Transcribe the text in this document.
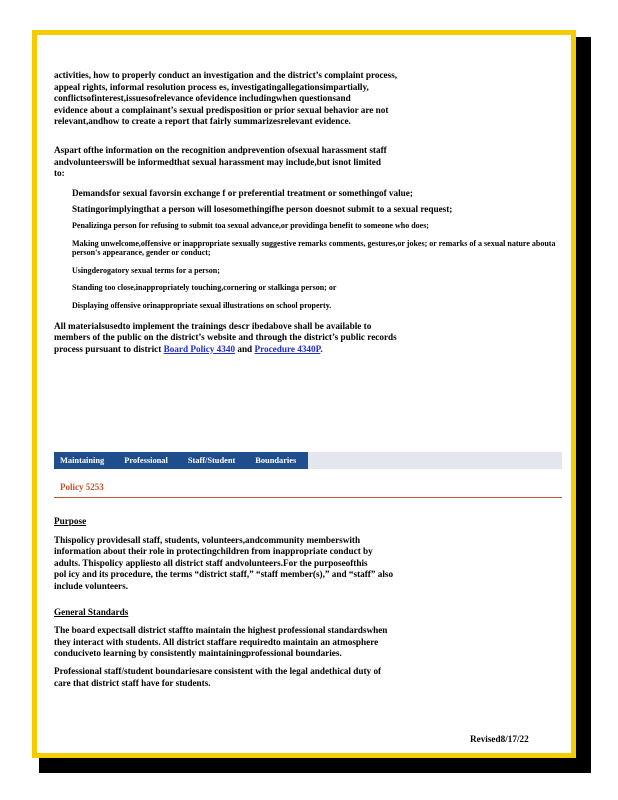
activities, how to properly conduct an investigation and the district’s complaint process,
appeal rights, informal resolution process es, investigatingallegationsimpartially,
conflictsofinterest,issuesofrelevance ofevidence includingwhen questionsand
evidence about a complainant’s sexual predisposition or prior sexual behavior are not
relevant,andhow to create a report that fairly summarizesrelevant evidence.

Aspart ofthe information on the recognition andprevention ofsexual harassment staff
andvolunteerswill be informedthat sexual harassment may include,but isnot limited
to:

Demandsfor sexual favorsin exchange f or preferential treatment or somethingof value;
Statingorimplyingthat a person will losesomethingifhe person doesnot submit to a sexual request;
Penalizinga person for refusing to submit toa sexual advance,or providinga benefit to someone who does;
Making unwelcome,offensive or inappropriate sexually suggestive remarks comments, gestures,or jokes; or remarks of a sexual nature abouta person's appearance, gender or conduct;
Usingderogatory sexual terms for a person;
Standing too close,inappropriately touching,cornering or stalkinga person; or
Displaying offensive orinappropriate sexual illustrations on school property.

All materialsusedto implement the trainings descr ibedabove shall be available to
members of the public on the district’s website and through the district’s public records
process pursuant to district Board Policy 4340 and Procedure 4340P.

Maintaining Professional Staff/Student Boundaries
Policy 5253

Purpose

Thispolicy providesall staff, students, volunteers,andcommunity memberswith
information about their role in protectingchildren from inappropriate conduct by
adults. Thispolicy appliesto all district staff andvolunteers.For the purposeofthis
pol icy and its procedure, the terms “district staff,” “staff member(s),” and “staff” also
include volunteers.

General Standards

The board expectsall district staffto maintain the highest professional standardswhen
they interact with students. All district staffare requiredto maintain an atmosphere
conduciveto learning by consistently maintainingprofessional boundaries.

Professional staff/student boundariesare consistent with the legal andethical duty of
care that district staff have for students.

Revised8/17/22
